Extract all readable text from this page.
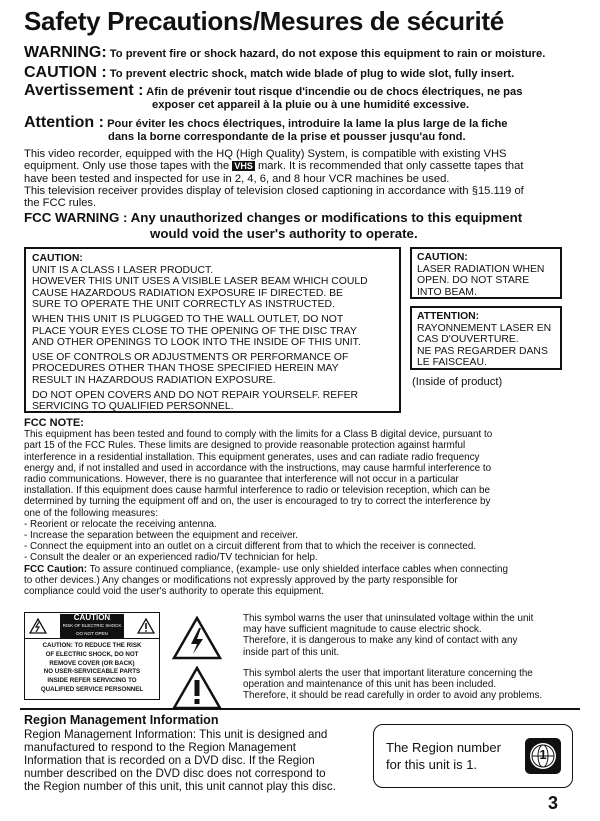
Safety Precautions/Mesures de sécurité
WARNING: To prevent fire or shock hazard, do not expose this equipment to rain or moisture.
CAUTION : To prevent electric shock, match wide blade of plug to wide slot, fully insert.
Avertissement : Afin de prévenir tout risque d'incendie ou de chocs électriques, ne pas
exposer cet appareil à la pluie ou à une humidité excessive.
Attention : Pour éviter les chocs électriques, introduire la lame la plus large de la fiche
dans la borne correspondante de la prise et pousser jusqu'au fond.
This video recorder, equipped with the HQ (High Quality) System, is compatible with existing VHS
equipment. Only use those tapes with the VHS mark. It is recommended that only cassette tapes that
have been tested and inspected for use in 2, 4, 6, and 8 hour VCR machines be used.
This television receiver provides display of television closed captioning in accordance with §15.119 of
the FCC rules.
FCC WARNING : Any unauthorized changes or modifications to this equipment
would void the user's authority to operate.
CAUTION:
UNIT IS A CLASS I LASER PRODUCT.
HOWEVER THIS UNIT USES A VISIBLE LASER BEAM WHICH COULD
CAUSE HAZARDOUS RADIATION EXPOSURE IF DIRECTED. BE
SURE TO OPERATE THE UNIT CORRECTLY AS INSTRUCTED.
WHEN THIS UNIT IS PLUGGED TO THE WALL OUTLET, DO NOT
PLACE YOUR EYES CLOSE TO THE OPENING OF THE DISC TRAY
AND OTHER OPENINGS TO LOOK INTO THE INSIDE OF THIS UNIT.
USE OF CONTROLS OR ADJUSTMENTS OR PERFORMANCE OF
PROCEDURES OTHER THAN THOSE SPECIFIED HEREIN MAY
RESULT IN HAZARDOUS RADIATION EXPOSURE.
DO NOT OPEN COVERS AND DO NOT REPAIR YOURSELF. REFER
SERVICING TO QUALIFIED PERSONNEL.
CAUTION:
LASER RADIATION WHEN
OPEN. DO NOT STARE
INTO BEAM.
ATTENTION:
RAYONNEMENT LASER EN
CAS D'OUVERTURE.
NE PAS REGARDER DANS
LE FAISCEAU.
(Inside of product)
FCC NOTE:
This equipment has been tested and found to comply with the limits for a Class B digital device, pursuant to
part 15 of the FCC Rules. These limits are designed to provide reasonable protection against harmful
interference in a residential installation. This equipment generates, uses and can radiate radio frequency
energy and, if not installed and used in accordance with the instructions, may cause harmful interference to
radio communications. However, there is no guarantee that interference will not occur in a particular
installation. If this equipment does cause harmful interference to radio or television reception, which can be
determined by turning the equipment off and on, the user is encouraged to try to correct the interference by
one of the following measures:
- Reorient or relocate the receiving antenna.
- Increase the separation between the equipment and receiver.
- Connect the equipment into an outlet on a circuit different from that to which the receiver is connected.
- Consult the dealer or an experienced radio/TV technician for help.
FCC Caution: To assure continued compliance, (example- use only shielded interface cables when connecting
to other devices.) Any changes or modifications not expressly approved by the party responsible for
compliance could void the user's authority to operate this equipment.
CAUTION
RISK OF ELECTRIC SHOCK
DO NOT OPEN
CAUTION: TO REDUCE THE RISK
OF ELECTRIC SHOCK, DO NOT
REMOVE COVER (OR BACK)
NO USER-SERVICEABLE PARTS
INSIDE REFER SERVICING TO
QUALIFIED SERVICE PERSONNEL
This symbol warns the user that uninsulated voltage within the unit
may have sufficient magnitude to cause electric shock.
Therefore, it is dangerous to make any kind of contact with any
inside part of this unit.
This symbol alerts the user that important literature concerning the
operation and maintenance of this unit has been included.
Therefore, it should be read carefully in order to avoid any problems.
Region Management Information
Region Management Information: This unit is designed and
manufactured to respond to the Region Management
Information that is recorded on a DVD disc. If the Region
number described on the DVD disc does not correspond to
the Region number of this unit, this unit cannot play this disc.
The Region number
for this unit is 1.
1
3
